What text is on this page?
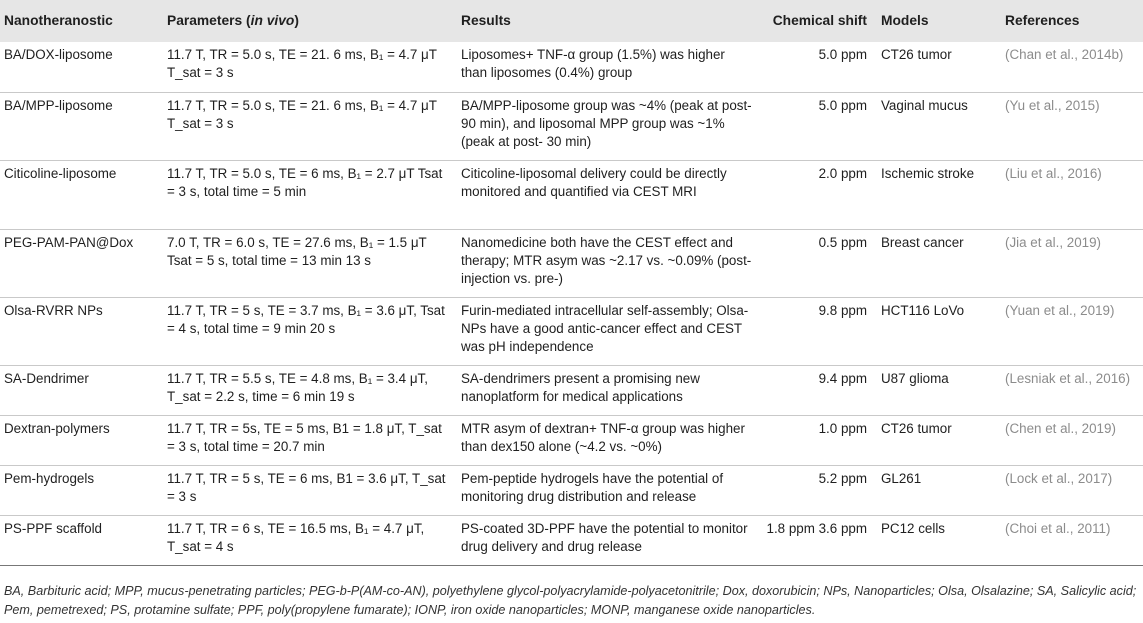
Nanotheranostic	Parameters (in vivo)	Results	Chemical shift	Models	References
BA/DOX-liposome	11.7 T, TR = 5.0 s, TE = 21. 6 ms, B₁ = 4.7 μT T_sat = 3 s	Liposomes+ TNF-α group (1.5%) was higher than liposomes (0.4%) group	5.0 ppm	CT26 tumor	(Chan et al., 2014b)
BA/MPP-liposome	11.7 T, TR = 5.0 s, TE = 21. 6 ms, B₁ = 4.7 μT T_sat = 3 s	BA/MPP-liposome group was ~4% (peak at post- 90 min), and liposomal MPP group was ~1% (peak at post- 30 min)	5.0 ppm	Vaginal mucus	(Yu et al., 2015)
Citicoline-liposome	11.7 T, TR = 5.0 s, TE = 6 ms, B₁ = 2.7 μT Tsat = 3 s, total time = 5 min	Citicoline-liposomal delivery could be directly monitored and quantified via CEST MRI	2.0 ppm	Ischemic stroke	(Liu et al., 2016)
PEG-PAM-PAN@Dox	7.0 T, TR = 6.0 s, TE = 27.6 ms, B₁ = 1.5 μT Tsat = 5 s, total time = 13 min 13 s	Nanomedicine both have the CEST effect and therapy; MTR asym was ~2.17 vs. ~0.09% (post-injection vs. pre-)	0.5 ppm	Breast cancer	(Jia et al., 2019)
Olsa-RVRR NPs	11.7 T, TR = 5 s, TE = 3.7 ms, B₁ = 3.6 μT, Tsat = 4 s, total time = 9 min 20 s	Furin-mediated intracellular self-assembly; Olsa-NPs have a good antic-cancer effect and CEST was pH independence	9.8 ppm	HCT116 LoVo	(Yuan et al., 2019)
SA-Dendrimer	11.7 T, TR = 5.5 s, TE = 4.8 ms, B₁ = 3.4 μT, T_sat = 2.2 s, time = 6 min 19 s	SA-dendrimers present a promising new nanoplatform for medical applications	9.4 ppm	U87 glioma	(Lesniak et al., 2016)
Dextran-polymers	11.7 T, TR = 5s, TE = 5 ms, B1 = 1.8 μT, T_sat = 3 s, total time = 20.7 min	MTR asym of dextran+ TNF-α group was higher than dex150 alone (~4.2 vs. ~0%)	1.0 ppm	CT26 tumor	(Chen et al., 2019)
Pem-hydrogels	11.7 T, TR = 5 s, TE = 6 ms, B1 = 3.6 μT, T_sat = 3 s	Pem-peptide hydrogels have the potential of monitoring drug distribution and release	5.2 ppm	GL261	(Lock et al., 2017)
PS-PPF scaffold	11.7 T, TR = 6 s, TE = 16.5 ms, B₁ = 4.7 μT, T_sat = 4 s	PS-coated 3D-PPF have the potential to monitor drug delivery and drug release	1.8 ppm 3.6 ppm	PC12 cells	(Choi et al., 2011)
BA, Barbituric acid; MPP, mucus-penetrating particles; PEG-b-P(AM-co-AN), polyethylene glycol-polyacrylamide-polyacetonitrile; Dox, doxorubicin; NPs, Nanoparticles; Olsa, Olsalazine; SA, Salicylic acid; Pem, pemetrexed; PS, protamine sulfate; PPF, poly(propylene fumarate); IONP, iron oxide nanoparticles; MONP, manganese oxide nanoparticles.
